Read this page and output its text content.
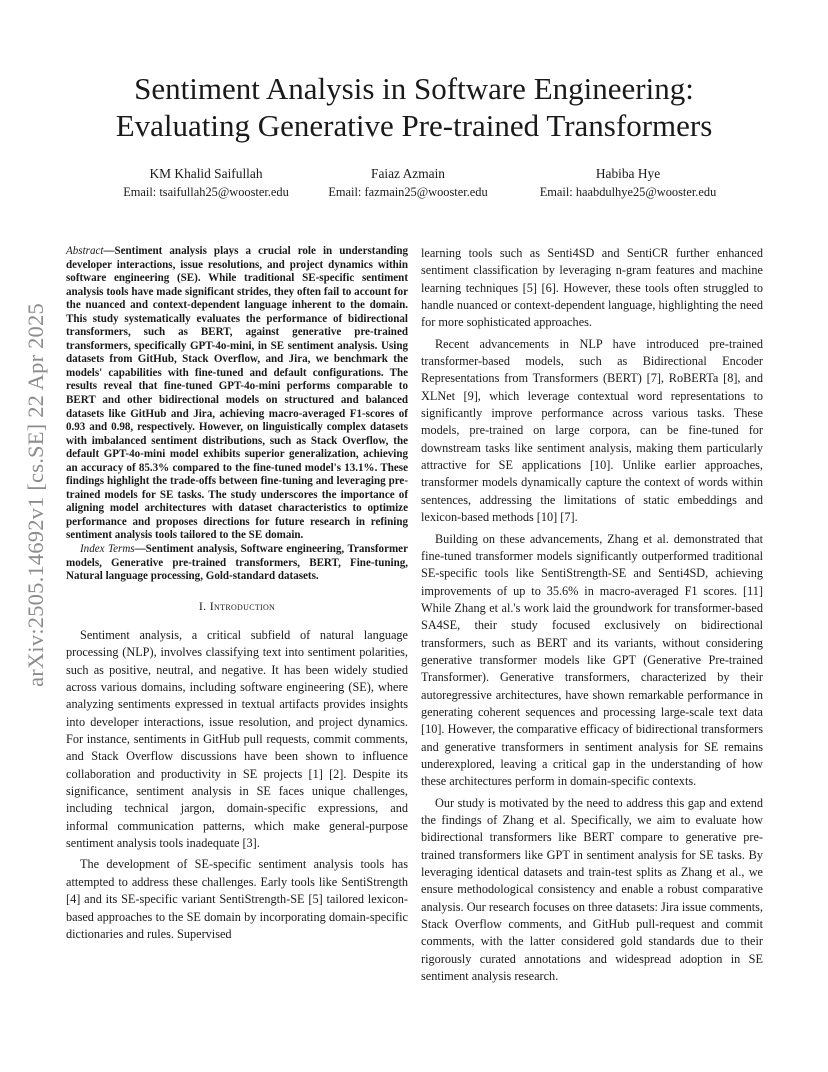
arXiv:2505.14692v1 [cs.SE] 22 Apr 2025
Sentiment Analysis in Software Engineering:
Evaluating Generative Pre-trained Transformers
KM Khalid Saifullah
Email: tsaifullah25@wooster.edu
Faiaz Azmain
Email: fazmain25@wooster.edu
Habiba Hye
Email: haabdulhye25@wooster.edu

Abstract—Sentiment analysis plays a crucial role in understanding developer interactions, issue resolutions, and project dynamics within software engineering (SE). While traditional SE-specific sentiment analysis tools have made significant strides, they often fail to account for the nuanced and context-dependent language inherent to the domain. This study systematically evaluates the performance of bidirectional transformers, such as BERT, against generative pre-trained transformers, specifically GPT-4o-mini, in SE sentiment analysis. Using datasets from GitHub, Stack Overflow, and Jira, we benchmark the models' capabilities with fine-tuned and default configurations. The results reveal that fine-tuned GPT-4o-mini performs comparable to BERT and other bidirectional models on structured and balanced datasets like GitHub and Jira, achieving macro-averaged F1-scores of 0.93 and 0.98, respectively. However, on linguistically complex datasets with imbalanced sentiment distributions, such as Stack Overflow, the default GPT-4o-mini model exhibits superior generalization, achieving an accuracy of 85.3% compared to the fine-tuned model's 13.1%. These findings highlight the trade-offs between fine-tuning and leveraging pre-trained models for SE tasks. The study underscores the importance of aligning model architectures with dataset characteristics to optimize performance and proposes directions for future research in refining sentiment analysis tools tailored to the SE domain.

Index Terms—Sentiment analysis, Software engineering, Transformer models, Generative pre-trained transformers, BERT, Fine-tuning, Natural language processing, Gold-standard datasets.

I. Introduction

Sentiment analysis, a critical subfield of natural language processing (NLP), involves classifying text into sentiment polarities, such as positive, neutral, and negative. It has been widely studied across various domains, including software engineering (SE), where analyzing sentiments expressed in textual artifacts provides insights into developer interactions, issue resolution, and project dynamics. For instance, sentiments in GitHub pull requests, commit comments, and Stack Overflow discussions have been shown to influence collaboration and productivity in SE projects [1] [2]. Despite its significance, sentiment analysis in SE faces unique challenges, including technical jargon, domain-specific expressions, and informal communication patterns, which make general-purpose sentiment analysis tools inadequate [3].

The development of SE-specific sentiment analysis tools has attempted to address these challenges. Early tools like SentiStrength [4] and its SE-specific variant SentiStrength-SE [5] tailored lexicon-based approaches to the SE domain by incorporating domain-specific dictionaries and rules. Supervised

learning tools such as Senti4SD and SentiCR further enhanced sentiment classification by leveraging n-gram features and machine learning techniques [5] [6]. However, these tools often struggled to handle nuanced or context-dependent language, highlighting the need for more sophisticated approaches.

Recent advancements in NLP have introduced pre-trained transformer-based models, such as Bidirectional Encoder Representations from Transformers (BERT) [7], RoBERTa [8], and XLNet [9], which leverage contextual word representations to significantly improve performance across various tasks. These models, pre-trained on large corpora, can be fine-tuned for downstream tasks like sentiment analysis, making them particularly attractive for SE applications [10]. Unlike earlier approaches, transformer models dynamically capture the context of words within sentences, addressing the limitations of static embeddings and lexicon-based methods [10] [7].

Building on these advancements, Zhang et al. demonstrated that fine-tuned transformer models significantly outperformed traditional SE-specific tools like SentiStrength-SE and Senti4SD, achieving improvements of up to 35.6% in macro-averaged F1 scores. [11] While Zhang et al.'s work laid the groundwork for transformer-based SA4SE, their study focused exclusively on bidirectional transformers, such as BERT and its variants, without considering generative transformer models like GPT (Generative Pre-trained Transformer). Generative transformers, characterized by their autoregressive architectures, have shown remarkable performance in generating coherent sequences and processing large-scale text data [10]. However, the comparative efficacy of bidirectional transformers and generative transformers in sentiment analysis for SE remains underexplored, leaving a critical gap in the understanding of how these architectures perform in domain-specific contexts.

Our study is motivated by the need to address this gap and extend the findings of Zhang et al. Specifically, we aim to evaluate how bidirectional transformers like BERT compare to generative pre-trained transformers like GPT in sentiment analysis for SE tasks. By leveraging identical datasets and train-test splits as Zhang et al., we ensure methodological consistency and enable a robust comparative analysis. Our research focuses on three datasets: Jira issue comments, Stack Overflow comments, and GitHub pull-request and commit comments, with the latter considered gold standards due to their rigorously curated annotations and widespread adoption in SE sentiment analysis research.
